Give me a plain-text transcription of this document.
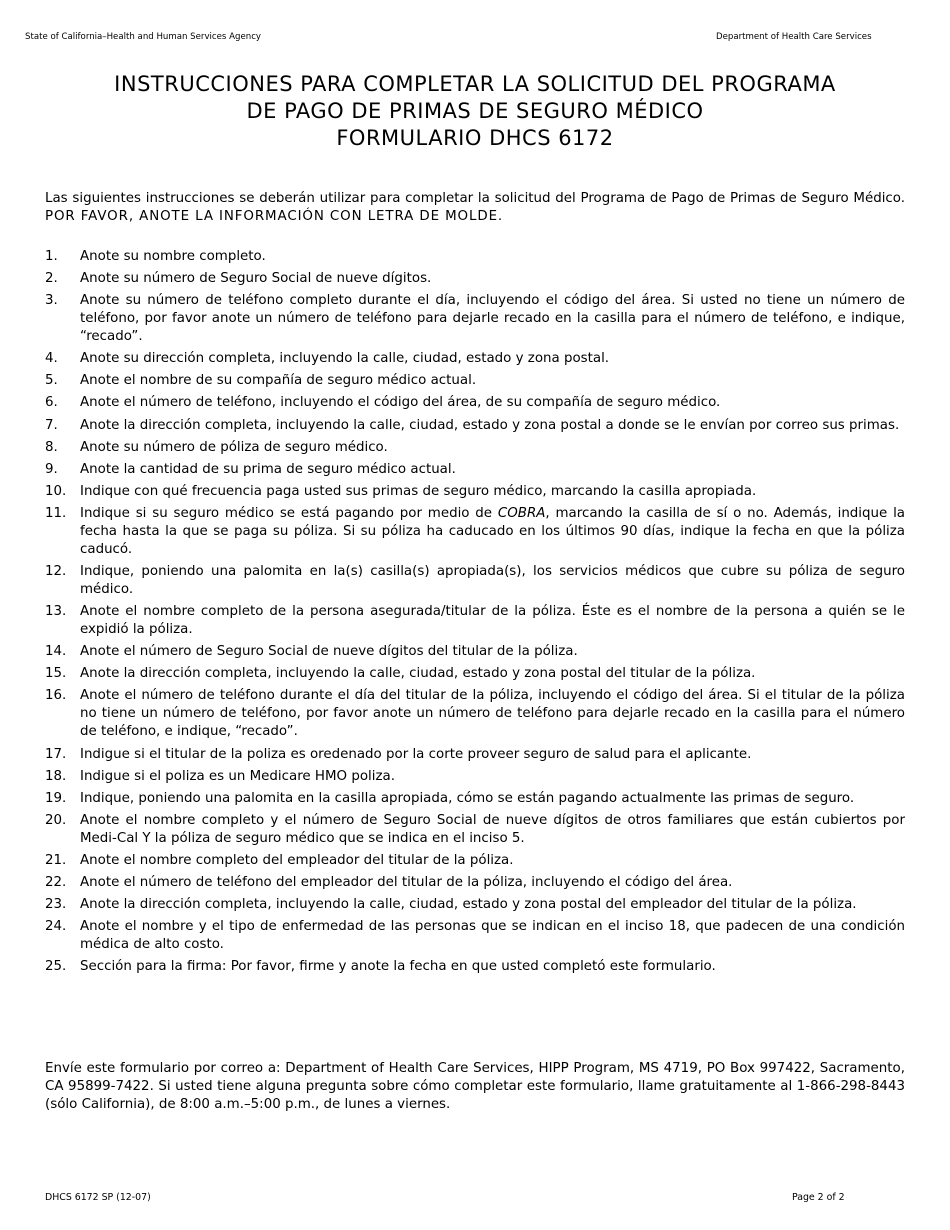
State of California–Health and Human Services Agency	Department of Health Care Services
INSTRUCCIONES PARA COMPLETAR LA SOLICITUD DEL PROGRAMA
DE PAGO DE PRIMAS DE SEGURO MÉDICO
FORMULARIO DHCS 6172

Las siguientes instrucciones se deberán utilizar para completar la solicitud del Programa de Pago de Primas de Seguro Médico. POR FAVOR, ANOTE LA INFORMACIÓN CON LETRA DE MOLDE.

1. Anote su nombre completo.
2. Anote su número de Seguro Social de nueve dígitos.
3. Anote su número de teléfono completo durante el día, incluyendo el código del área. Si usted no tiene un número de teléfono, por favor anote un número de teléfono para dejarle recado en la casilla para el número de teléfono, e indique, “recado”.
4. Anote su dirección completa, incluyendo la calle, ciudad, estado y zona postal.
5. Anote el nombre de su compañía de seguro médico actual.
6. Anote el número de teléfono, incluyendo el código del área, de su compañía de seguro médico.
7. Anote la dirección completa, incluyendo la calle, ciudad, estado y zona postal a donde se le envían por correo sus primas.
8. Anote su número de póliza de seguro médico.
9. Anote la cantidad de su prima de seguro médico actual.
10. Indique con qué frecuencia paga usted sus primas de seguro médico, marcando la casilla apropiada.
11. Indique si su seguro médico se está pagando por medio de COBRA, marcando la casilla de sí o no. Además, indique la fecha hasta la que se paga su póliza. Si su póliza ha caducado en los últimos 90 días, indique la fecha en que la póliza caducó.
12. Indique, poniendo una palomita en la(s) casilla(s) apropiada(s), los servicios médicos que cubre su póliza de seguro médico.
13. Anote el nombre completo de la persona asegurada/titular de la póliza. Éste es el nombre de la persona a quién se le expidió la póliza.
14. Anote el número de Seguro Social de nueve dígitos del titular de la póliza.
15. Anote la dirección completa, incluyendo la calle, ciudad, estado y zona postal del titular de la póliza.
16. Anote el número de teléfono durante el día del titular de la póliza, incluyendo el código del área. Si el titular de la póliza no tiene un número de teléfono, por favor anote un número de teléfono para dejarle recado en la casilla para el número de teléfono, e indique, “recado”.
17. Indigue si el titular de la poliza es oredenado por la corte proveer seguro de salud para el aplicante.
18. Indigue si el poliza es un Medicare HMO poliza.
19. Indique, poniendo una palomita en la casilla apropiada, cómo se están pagando actualmente las primas de seguro.
20. Anote el nombre completo y el número de Seguro Social de nueve dígitos de otros familiares que están cubiertos por Medi-Cal Y la póliza de seguro médico que se indica en el inciso 5.
21. Anote el nombre completo del empleador del titular de la póliza.
22. Anote el número de teléfono del empleador del titular de la póliza, incluyendo el código del área.
23. Anote la dirección completa, incluyendo la calle, ciudad, estado y zona postal del empleador del titular de la póliza.
24. Anote el nombre y el tipo de enfermedad de las personas que se indican en el inciso 18, que padecen de una condición médica de alto costo.
25. Sección para la firma: Por favor, firme y anote la fecha en que usted completó este formulario.

Envíe este formulario por correo a: Department of Health Care Services, HIPP Program, MS 4719, PO Box 997422, Sacramento, CA 95899-7422. Si usted tiene alguna pregunta sobre cómo completar este formulario, llame gratuitamente al 1-866-298-8443 (sólo California), de 8:00 a.m.–5:00 p.m., de lunes a viernes.

DHCS 6172 SP (12-07)	Page 2 of 2
